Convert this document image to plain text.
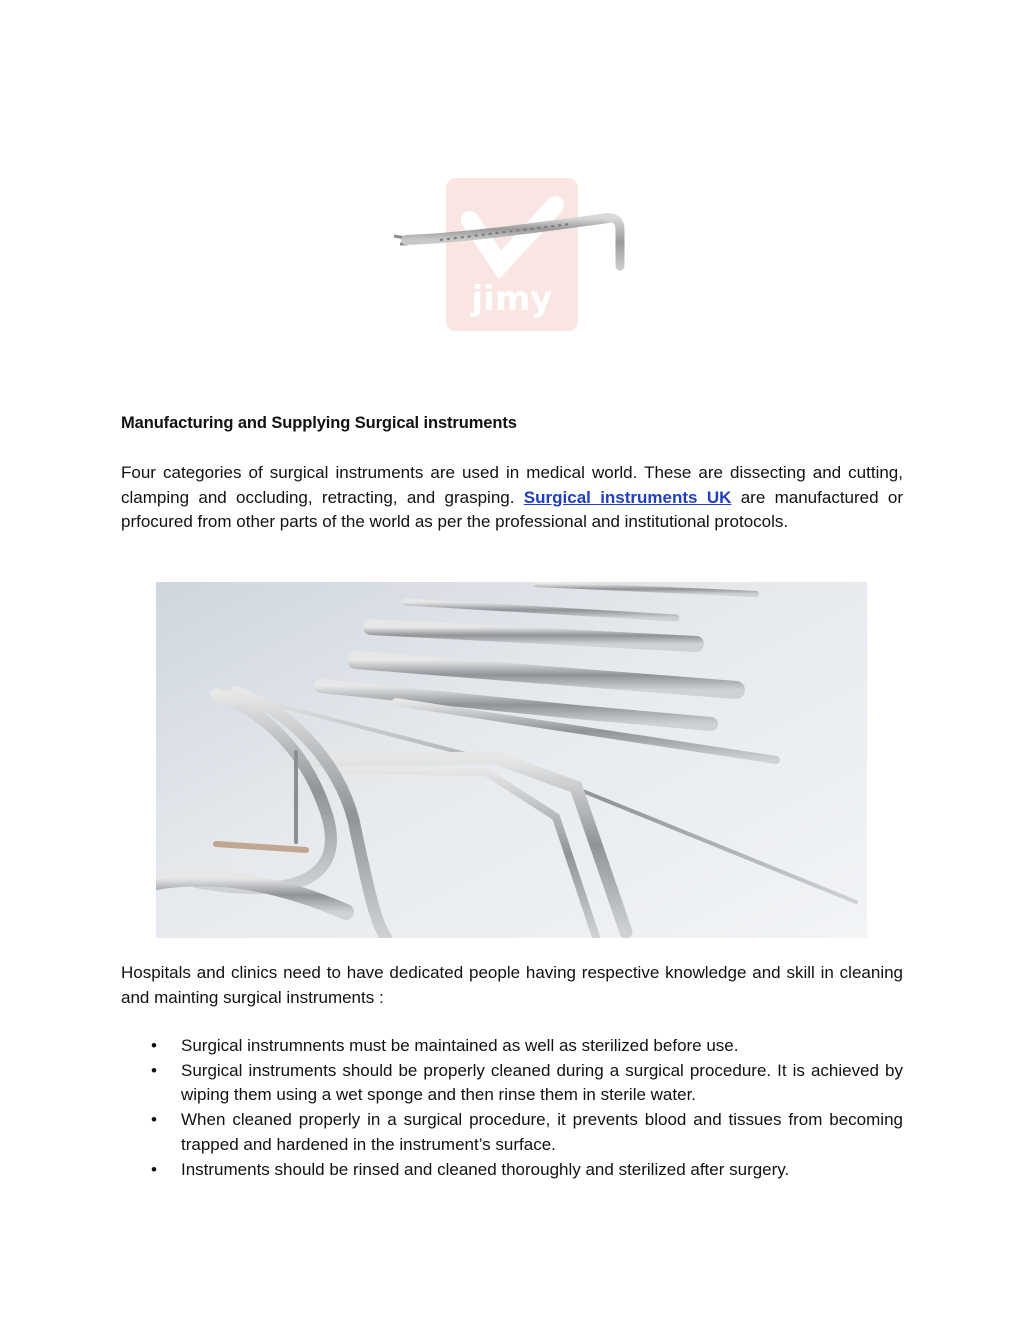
jimy
Manufacturing and Supplying Surgical instruments

Four categories of surgical instruments are used in medical world. These are dissecting and cutting, clamping and occluding, retracting, and grasping. Surgical instruments UK are manufactured or prfocured from other parts of the world as per the professional and institutional protocols.

Hospitals and clinics need to have dedicated people having respective knowledge and skill in cleaning and mainting surgical instruments :

• Surgical instrumnents must be maintained as well as sterilized before use.
• Surgical instruments should be properly cleaned during a surgical procedure. It is achieved by wiping them using a wet sponge and then rinse them in sterile water.
• When cleaned properly in a surgical procedure, it prevents blood and tissues from becoming trapped and hardened in the instrument’s surface.
• Instruments should be rinsed and cleaned thoroughly and sterilized after surgery.
